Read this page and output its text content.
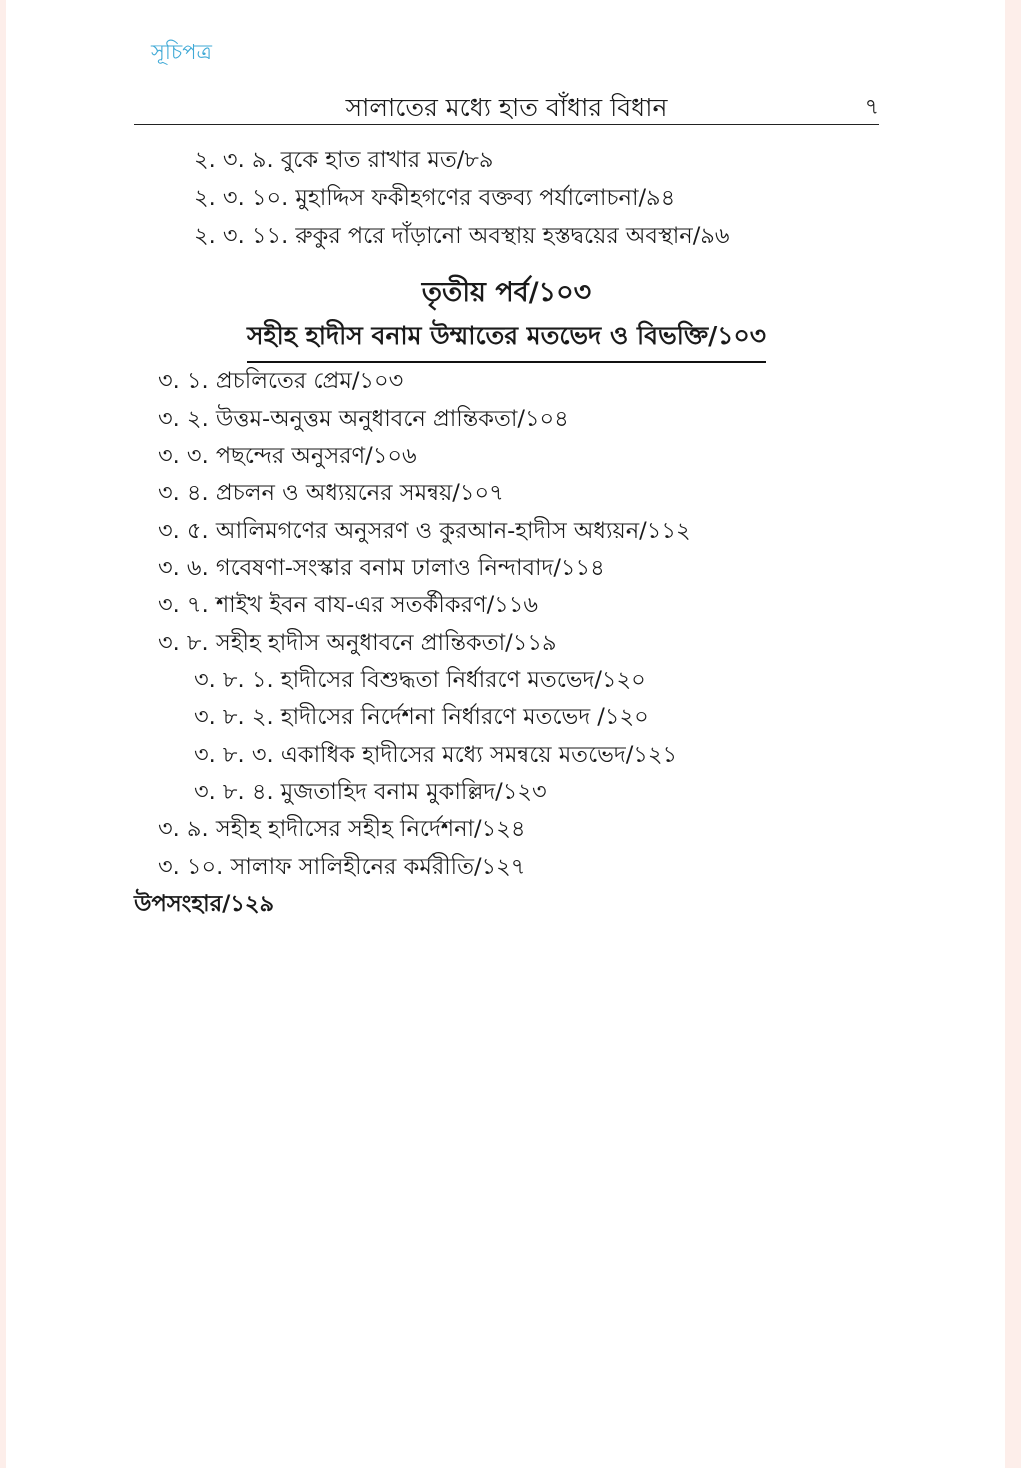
সূচিপত্র
সালাতের মধ্যে হাত বাঁধার বিধান	৭
২. ৩. ৯. বুকে হাত রাখার মত/৮৯
২. ৩. ১০. মুহাদ্দিস ফকীহগণের বক্তব্য পর্যালোচনা/৯৪
২. ৩. ১১. রুকুর পরে দাঁড়ানো অবস্থায় হস্তদ্বয়ের অবস্থান/৯৬
তৃতীয় পর্ব/১০৩
সহীহ হাদীস বনাম উম্মাতের মতভেদ ও বিভক্তি/১০৩
৩. ১. প্রচলিতের প্রেম/১০৩
৩. ২. উত্তম-অনুত্তম অনুধাবনে প্রান্তিকতা/১০৪
৩. ৩. পছন্দের অনুসরণ/১০৬
৩. ৪. প্রচলন ও অধ্যয়নের সমন্বয়/১০৭
৩. ৫. আলিমগণের অনুসরণ ও কুরআন-হাদীস অধ্যয়ন/১১২
৩. ৬. গবেষণা-সংস্কার বনাম ঢালাও নিন্দাবাদ/১১৪
৩. ৭. শাইখ ইবন বায-এর সতর্কীকরণ/১১৬
৩. ৮. সহীহ হাদীস অনুধাবনে প্রান্তিকতা/১১৯
৩. ৮. ১. হাদীসের বিশুদ্ধতা নির্ধারণে মতভেদ/১২০
৩. ৮. ২. হাদীসের নির্দেশনা নির্ধারণে মতভেদ /১২০
৩. ৮. ৩. একাধিক হাদীসের মধ্যে সমন্বয়ে মতভেদ/১২১
৩. ৮. ৪. মুজতাহিদ বনাম মুকাল্লিদ/১২৩
৩. ৯. সহীহ হাদীসের সহীহ নির্দেশনা/১২৪
৩. ১০. সালাফ সালিহীনের কর্মরীতি/১২৭
উপসংহার/১২৯
